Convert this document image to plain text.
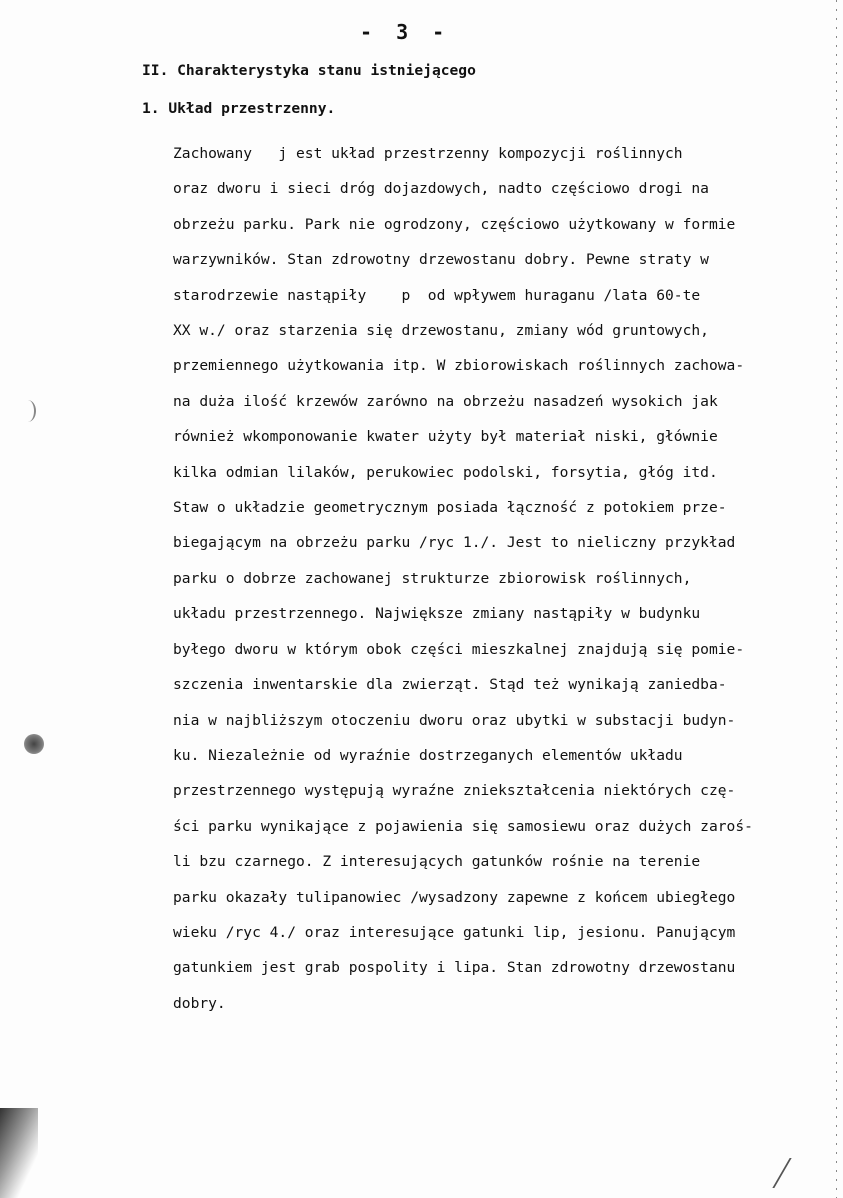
- 3 -
II. Charakterystyka stanu istniejącego
1. Układ przestrzenny.
Zachowany   j est układ przestrzenny kompozycji roślinnych
oraz dworu i sieci dróg dojazdowych, nadto częściowo drogi na
obrzeżu parku. Park nie ogrodzony, częściowo użytkowany w formie
warzywników. Stan zdrowotny drzewostanu dobry. Pewne straty w
starodrzewie nastąpiły    p  od wpływem huraganu /lata 60-te
XX w./ oraz starzenia się drzewostanu, zmiany wód gruntowych,
przemiennego użytkowania itp. W zbiorowiskach roślinnych zachowa-
na duża ilość krzewów zarówno na obrzeżu nasadzeń wysokich jak
również wkomponowanie kwater użyty był materiał niski, głównie
kilka odmian lilaków, perukowiec podolski, forsytia, głóg itd.
Staw o układzie geometrycznym posiada łączność z potokiem prze-
biegającym na obrzeżu parku /ryc 1./. Jest to nieliczny przykład
parku o dobrze zachowanej strukturze zbiorowisk roślinnych,
układu przestrzennego. Największe zmiany nastąpiły w budynku
byłego dworu w którym obok części mieszkalnej znajdują się pomie-
szczenia inwentarskie dla zwierząt. Stąd też wynikają zaniedba-
nia w najbliższym otoczeniu dworu oraz ubytki w substacji budyn-
ku. Niezależnie od wyraźnie dostrzeganych elementów układu
przestrzennego występują wyraźne zniekształcenia niektórych czę-
ści parku wynikające z pojawienia się samosiewu oraz dużych zaroś-
li bzu czarnego. Z interesujących gatunków rośnie na terenie
parku okazały tulipanowiec /wysadzony zapewne z końcem ubiegłego
wieku /ryc 4./ oraz interesujące gatunki lip, jesionu. Panującym
gatunkiem jest grab pospolity i lipa. Stan zdrowotny drzewostanu
dobry.
